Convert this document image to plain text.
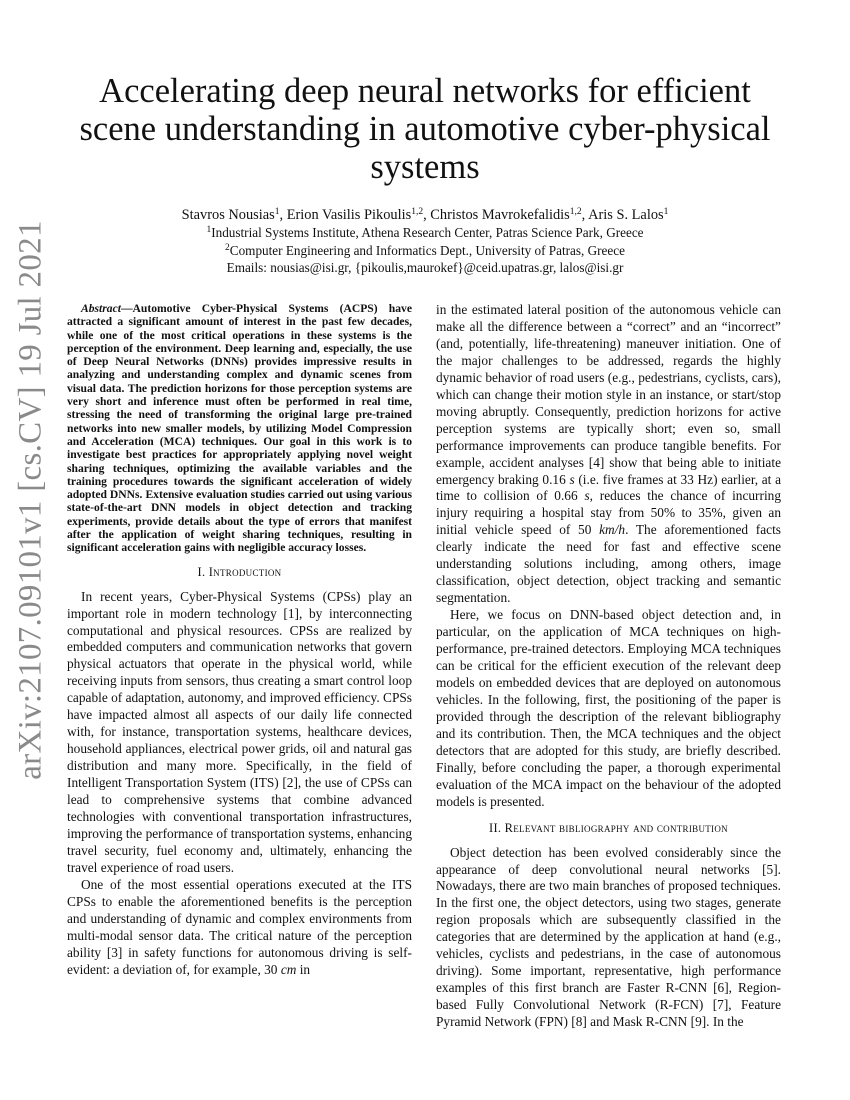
arXiv:2107.09101v1 [cs.CV] 19 Jul 2021
Accelerating deep neural networks for efficient scene understanding in automotive cyber-physical systems
Stavros Nousias$^1$, Erion Vasilis Pikoulis$^{1,2}$, Christos Mavrokefalidis$^{1,2}$, Aris S. Lalos$^1$
$^1$Industrial Systems Institute, Athena Research Center, Patras Science Park, Greece
$^2$Computer Engineering and Informatics Dept., University of Patras, Greece
Emails: nousias@isi.gr, {pikoulis,maurokef}@ceid.upatras.gr, lalos@isi.gr

Abstract—Automotive Cyber-Physical Systems (ACPS) have attracted a significant amount of interest in the past few decades, while one of the most critical operations in these systems is the perception of the environment. Deep learning and, especially, the use of Deep Neural Networks (DNNs) provides impressive results in analyzing and understanding complex and dynamic scenes from visual data. The prediction horizons for those perception systems are very short and inference must often be performed in real time, stressing the need of transforming the original large pre-trained networks into new smaller models, by utilizing Model Compression and Acceleration (MCA) techniques. Our goal in this work is to investigate best practices for appropriately applying novel weight sharing techniques, optimizing the available variables and the training procedures towards the significant acceleration of widely adopted DNNs. Extensive evaluation studies carried out using various state-of-the-art DNN models in object detection and tracking experiments, provide details about the type of errors that manifest after the application of weight sharing techniques, resulting in significant acceleration gains with negligible accuracy losses.

I. Introduction

In recent years, Cyber-Physical Systems (CPSs) play an important role in modern technology [1], by interconnecting computational and physical resources. CPSs are realized by embedded computers and communication networks that govern physical actuators that operate in the physical world, while receiving inputs from sensors, thus creating a smart control loop capable of adaptation, autonomy, and improved efficiency. CPSs have impacted almost all aspects of our daily life connected with, for instance, transportation systems, healthcare devices, household appliances, electrical power grids, oil and natural gas distribution and many more. Specifically, in the field of Intelligent Transportation System (ITS) [2], the use of CPSs can lead to comprehensive systems that combine advanced technologies with conventional transportation infrastructures, improving the performance of transportation systems, enhancing travel security, fuel economy and, ultimately, enhancing the travel experience of road users.

One of the most essential operations executed at the ITS CPSs to enable the aforementioned benefits is the perception and understanding of dynamic and complex environments from multi-modal sensor data. The critical nature of the perception ability [3] in safety functions for autonomous driving is self-evident: a deviation of, for example, 30 cm in

in the estimated lateral position of the autonomous vehicle can make all the difference between a “correct” and an “incorrect” (and, potentially, life-threatening) maneuver initiation. One of the major challenges to be addressed, regards the highly dynamic behavior of road users (e.g., pedestrians, cyclists, cars), which can change their motion style in an instance, or start/stop moving abruptly. Consequently, prediction horizons for active perception systems are typically short; even so, small performance improvements can produce tangible benefits. For example, accident analyses [4] show that being able to initiate emergency braking 0.16 s (i.e. five frames at 33 Hz) earlier, at a time to collision of 0.66 s, reduces the chance of incurring injury requiring a hospital stay from 50% to 35%, given an initial vehicle speed of 50 km/h. The aforementioned facts clearly indicate the need for fast and effective scene understanding solutions including, among others, image classification, object detection, object tracking and semantic segmentation.

Here, we focus on DNN-based object detection and, in particular, on the application of MCA techniques on high-performance, pre-trained detectors. Employing MCA techniques can be critical for the efficient execution of the relevant deep models on embedded devices that are deployed on autonomous vehicles. In the following, first, the positioning of the paper is provided through the description of the relevant bibliography and its contribution. Then, the MCA techniques and the object detectors that are adopted for this study, are briefly described. Finally, before concluding the paper, a thorough experimental evaluation of the MCA impact on the behaviour of the adopted models is presented.

II. Relevant bibliography and contribution

Object detection has been evolved considerably since the appearance of deep convolutional neural networks [5]. Nowadays, there are two main branches of proposed techniques. In the first one, the object detectors, using two stages, generate region proposals which are subsequently classified in the categories that are determined by the application at hand (e.g., vehicles, cyclists and pedestrians, in the case of autonomous driving). Some important, representative, high performance examples of this first branch are Faster R-CNN [6], Region-based Fully Convolutional Network (R-FCN) [7], Feature Pyramid Network (FPN) [8] and Mask R-CNN [9]. In the
